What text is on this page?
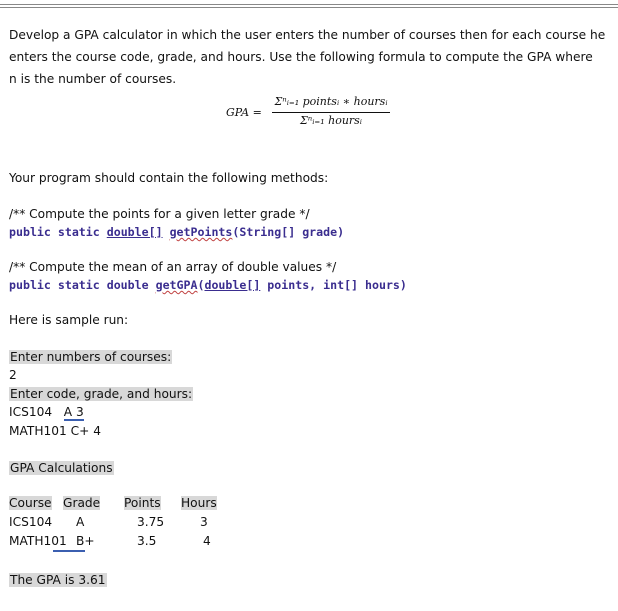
Develop a GPA calculator in which the user enters the number of courses then for each course he
enters the course code, grade, and hours. Use the following formula to compute the GPA where
n is the number of courses.

GPA =
Σⁿᵢ₌₁ pointsᵢ ∗ hoursᵢ
Σⁿᵢ₌₁ hoursᵢ
Your program should contain the following methods:
/** Compute the points for a given letter grade */
public static double[] getPoints(String[] grade)
/** Compute the mean of an array of double values */
public static double getGPA(double[] points, int[] hours)
Here is sample run:
Enter numbers of courses:
2
Enter code, grade, and hours:
ICS104 A 3
MATH101 C+ 4
GPA Calculations
Course Grade Points Hours
ICS104 A	3.75	3
MATH101 B+	3.5	4
The GPA is 3.61
